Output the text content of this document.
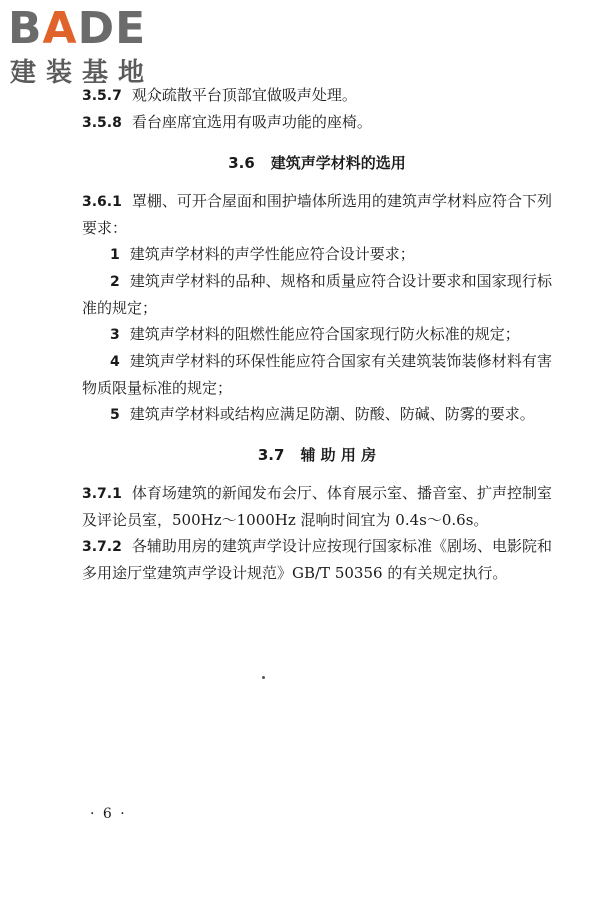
BADE
建装基地

3.5.7 观众疏散平台顶部宜做吸声处理。

3.5.8 看台座席宜选用有吸声功能的座椅。

3.6 建筑声学材料的选用

3.6.1 罩棚、可开合屋面和围护墙体所选用的建筑声学材料应符合下列要求：

1 建筑声学材料的声学性能应符合设计要求；

2 建筑声学材料的品种、规格和质量应符合设计要求和国家现行标准的规定；

3 建筑声学材料的阻燃性能应符合国家现行防火标准的规定；

4 建筑声学材料的环保性能应符合国家有关建筑装饰装修材料有害物质限量标准的规定；

5 建筑声学材料或结构应满足防潮、防酸、防碱、防雾的要求。

3.7 辅 助 用 房

3.7.1 体育场建筑的新闻发布会厅、体育展示室、播音室、扩声控制室及评论员室，500Hz～1000Hz 混响时间宜为 0.4s～0.6s。

3.7.2 各辅助用房的建筑声学设计应按现行国家标准《剧场、电影院和多用途厅堂建筑声学设计规范》GB/T 50356 的有关规定执行。

· 6 ·
